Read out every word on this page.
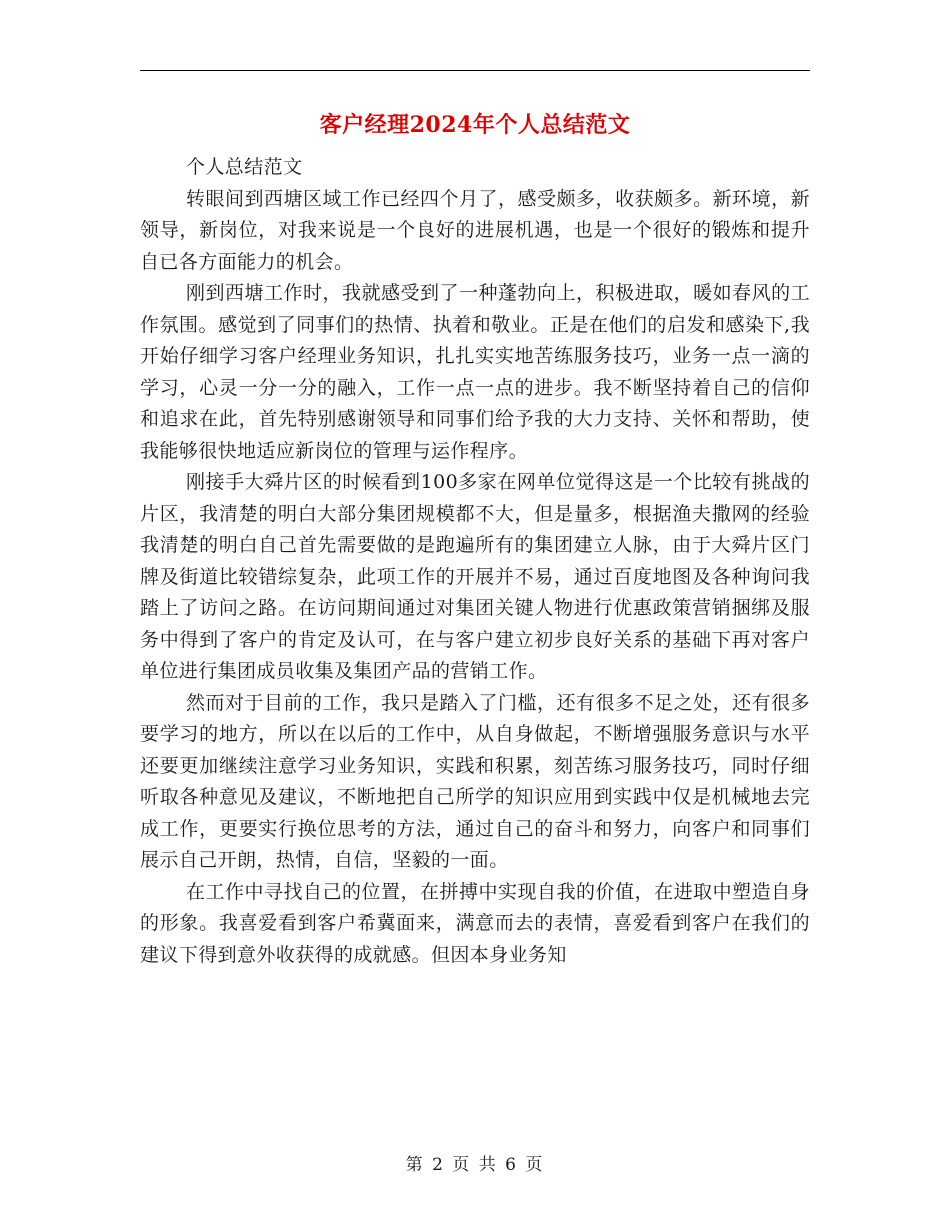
客户经理2024年个人总结范文

个人总结范文

转眼间到西塘区域工作已经四个月了，感受颇多，收获颇多。新环境，新领导，新岗位，对我来说是一个良好的进展机遇，也是一个很好的锻炼和提升自已各方面能力的机会。

刚到西塘工作时，我就感受到了一种蓬勃向上，积极进取，暖如春风的工作氛围。感觉到了同事们的热情、执着和敬业。正是在他们的启发和感染下,我开始仔细学习客户经理业务知识，扎扎实实地苦练服务技巧，业务一点一滴的学习，心灵一分一分的融入，工作一点一点的进步。我不断坚持着自己的信仰和追求在此，首先特别感谢领导和同事们给予我的大力支持、关怀和帮助，使我能够很快地适应新岗位的管理与运作程序。

刚接手大舜片区的时候看到100多家在网单位觉得这是一个比较有挑战的片区，我清楚的明白大部分集团规模都不大，但是量多，根据渔夫撒网的经验我清楚的明白自己首先需要做的是跑遍所有的集团建立人脉，由于大舜片区门牌及街道比较错综复杂，此项工作的开展并不易，通过百度地图及各种询问我踏上了访问之路。在访问期间通过对集团关键人物进行优惠政策营销捆绑及服务中得到了客户的肯定及认可，在与客户建立初步良好关系的基础下再对客户单位进行集团成员收集及集团产品的营销工作。

然而对于目前的工作，我只是踏入了门槛，还有很多不足之处，还有很多要学习的地方，所以在以后的工作中，从自身做起，不断增强服务意识与水平还要更加继续注意学习业务知识，实践和积累，刻苦练习服务技巧，同时仔细听取各种意见及建议，不断地把自己所学的知识应用到实践中仅是机械地去完成工作，更要实行换位思考的方法，通过自己的奋斗和努力，向客户和同事们展示自己开朗，热情，自信，坚毅的一面。

在工作中寻找自己的位置，在拼搏中实现自我的价值，在进取中塑造自身的形象。我喜爱看到客户希冀面来，满意而去的表情，喜爱看到客户在我们的建议下得到意外收获得的成就感。但因本身业务知

第 2 页 共 6 页
